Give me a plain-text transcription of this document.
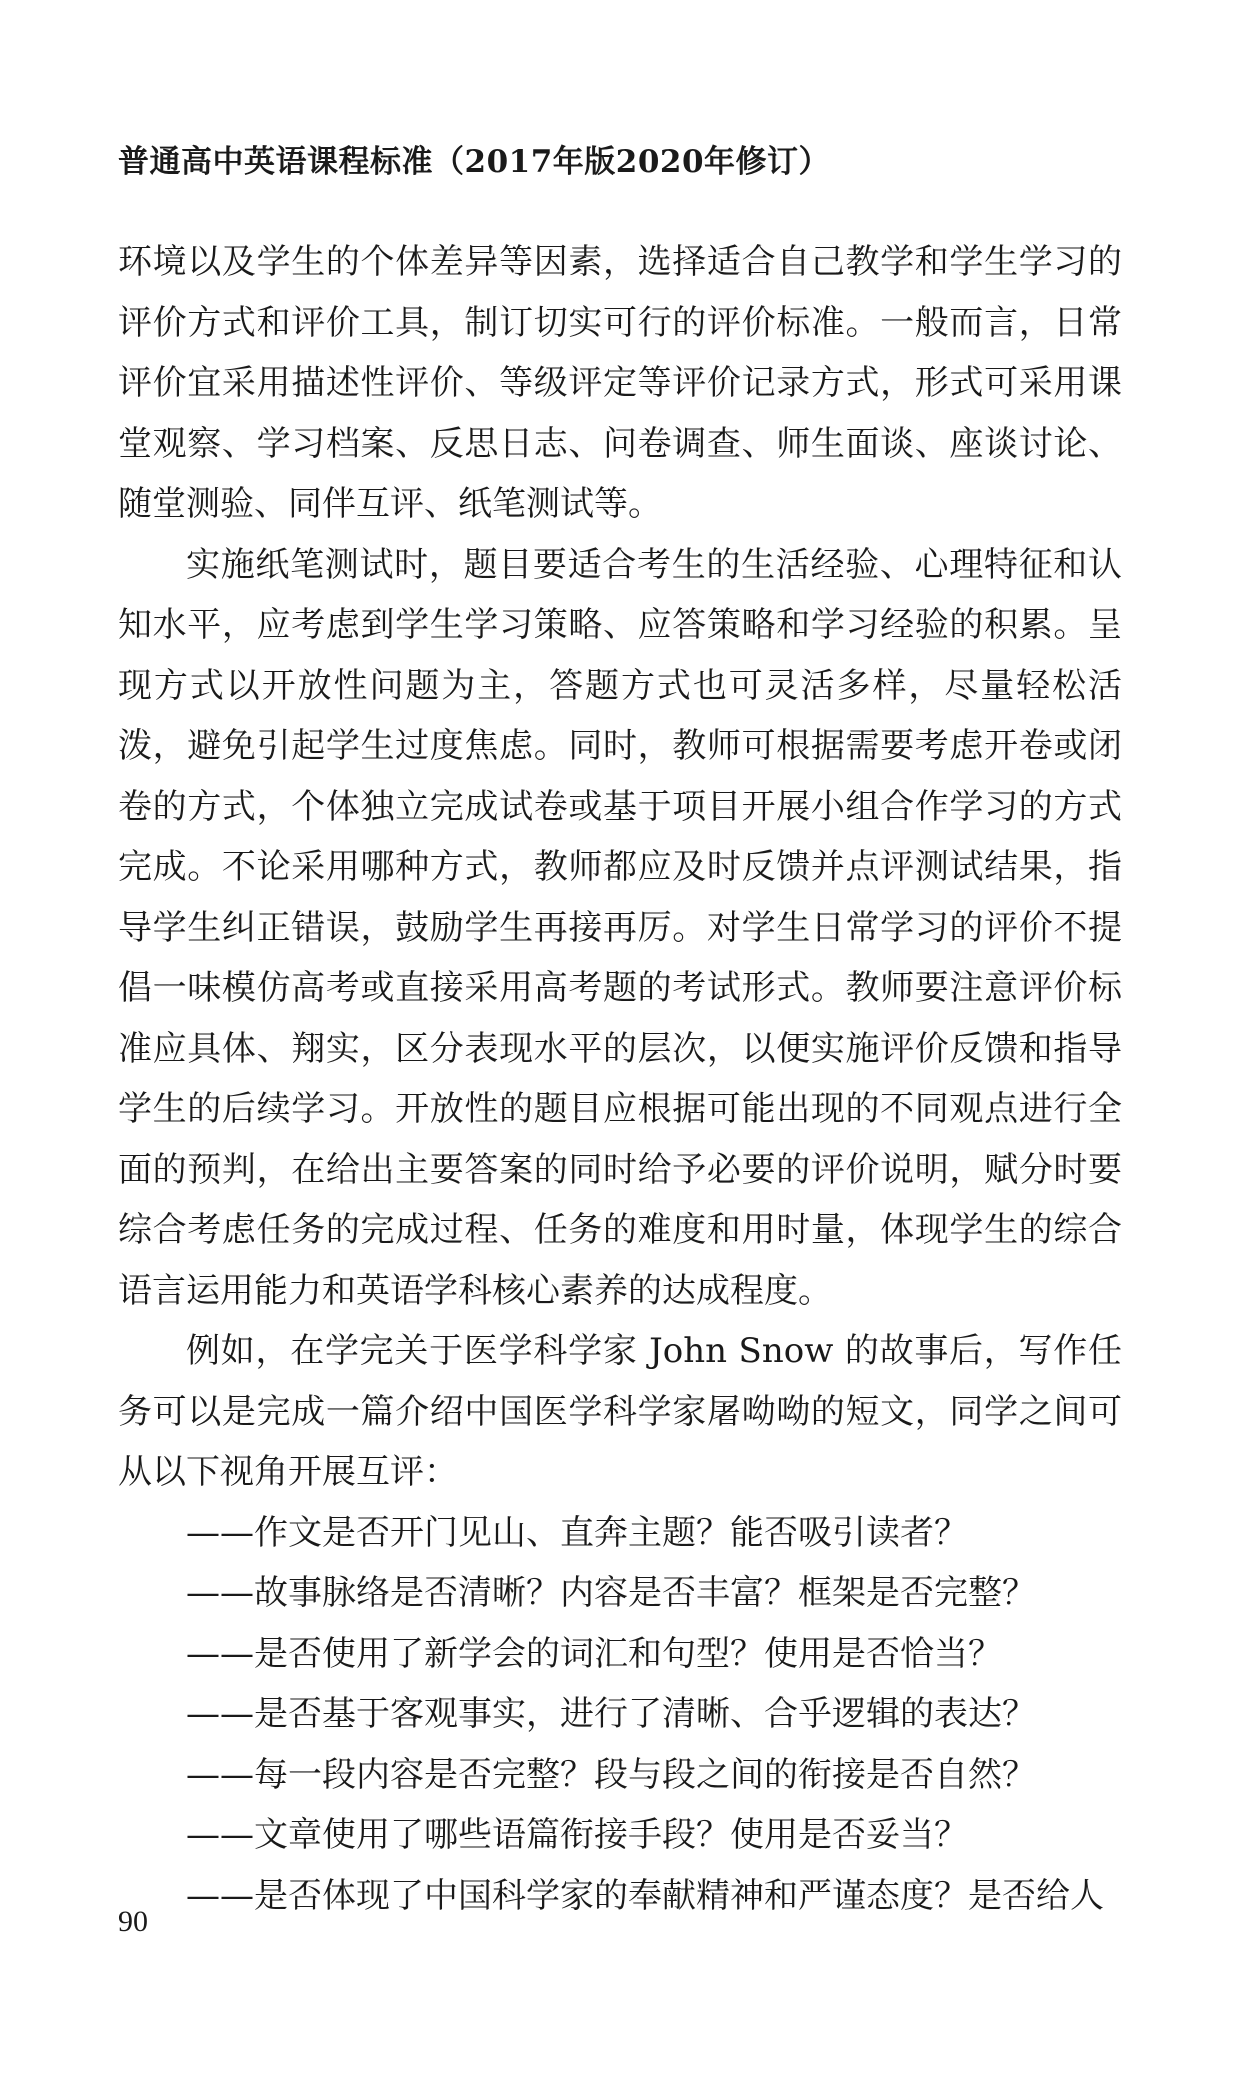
普通高中英语课程标准（2017年版2020年修订）

环境以及学生的个体差异等因素，选择适合自己教学和学生学习的评价方式和评价工具，制订切实可行的评价标准。一般而言，日常评价宜采用描述性评价、等级评定等评价记录方式，形式可采用课堂观察、学习档案、反思日志、问卷调查、师生面谈、座谈讨论、随堂测验、同伴互评、纸笔测试等。

实施纸笔测试时，题目要适合考生的生活经验、心理特征和认知水平，应考虑到学生学习策略、应答策略和学习经验的积累。呈现方式以开放性问题为主，答题方式也可灵活多样，尽量轻松活泼，避免引起学生过度焦虑。同时，教师可根据需要考虑开卷或闭卷的方式，个体独立完成试卷或基于项目开展小组合作学习的方式完成。不论采用哪种方式，教师都应及时反馈并点评测试结果，指导学生纠正错误，鼓励学生再接再厉。对学生日常学习的评价不提倡一味模仿高考或直接采用高考题的考试形式。教师要注意评价标准应具体、翔实，区分表现水平的层次，以便实施评价反馈和指导学生的后续学习。开放性的题目应根据可能出现的不同观点进行全面的预判，在给出主要答案的同时给予必要的评价说明，赋分时要综合考虑任务的完成过程、任务的难度和用时量，体现学生的综合语言运用能力和英语学科核心素养的达成程度。

例如，在学完关于医学科学家 John Snow 的故事后，写作任务可以是完成一篇介绍中国医学科学家屠呦呦的短文，同学之间可从以下视角开展互评：

——作文是否开门见山、直奔主题？能否吸引读者？

——故事脉络是否清晰？内容是否丰富？框架是否完整？

——是否使用了新学会的词汇和句型？使用是否恰当？

——是否基于客观事实，进行了清晰、合乎逻辑的表达？

——每一段内容是否完整？段与段之间的衔接是否自然？

——文章使用了哪些语篇衔接手段？使用是否妥当？

——是否体现了中国科学家的奉献精神和严谨态度？是否给人

90
